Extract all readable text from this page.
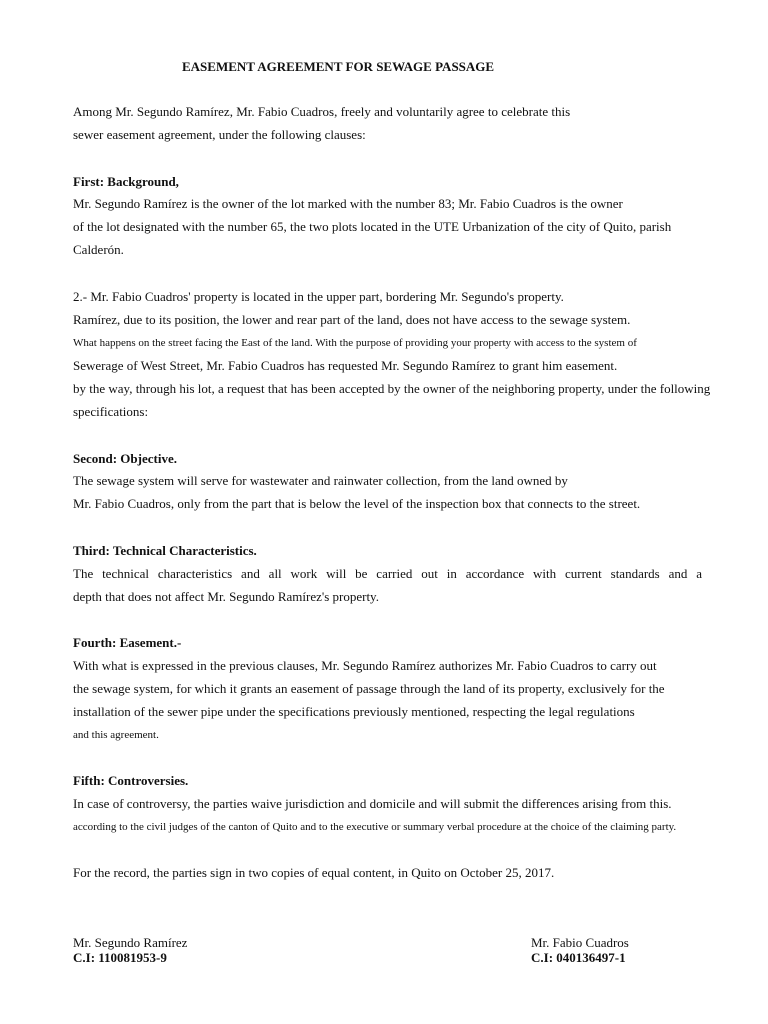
EASEMENT AGREEMENT FOR SEWAGE PASSAGE
Among Mr. Segundo Ramírez, Mr. Fabio Cuadros, freely and voluntarily agree to celebrate this
sewer easement agreement, under the following clauses:
First: Background,
Mr. Segundo Ramírez is the owner of the lot marked with the number 83; Mr. Fabio Cuadros is the owner
of the lot designated with the number 65, the two plots located in the UTE Urbanization of the city of Quito, parish
Calderón.
2.- Mr. Fabio Cuadros' property is located in the upper part, bordering Mr. Segundo's property.
Ramírez, due to its position, the lower and rear part of the land, does not have access to the sewage system.
What happens on the street facing the East of the land. With the purpose of providing your property with access to the system of
Sewerage of West Street, Mr. Fabio Cuadros has requested Mr. Segundo Ramírez to grant him easement.
by the way, through his lot, a request that has been accepted by the owner of the neighboring property, under the following
specifications:
Second: Objective.
The sewage system will serve for wastewater and rainwater collection, from the land owned by
Mr. Fabio Cuadros, only from the part that is below the level of the inspection box that connects to the street.
Third: Technical Characteristics.
The technical characteristics and all work will be carried out in accordance with current standards and a
depth that does not affect Mr. Segundo Ramírez's property.
Fourth: Easement.-
With what is expressed in the previous clauses, Mr. Segundo Ramírez authorizes Mr. Fabio Cuadros to carry out
the sewage system, for which it grants an easement of passage through the land of its property, exclusively for the
installation of the sewer pipe under the specifications previously mentioned, respecting the legal regulations
and this agreement.
Fifth: Controversies.
In case of controversy, the parties waive jurisdiction and domicile and will submit the differences arising from this.
according to the civil judges of the canton of Quito and to the executive or summary verbal procedure at the choice of the claiming party.
For the record, the parties sign in two copies of equal content, in Quito on October 25, 2017.
Mr. Segundo Ramírez
C.I: 110081953-9
Mr. Fabio Cuadros
C.I: 040136497-1
